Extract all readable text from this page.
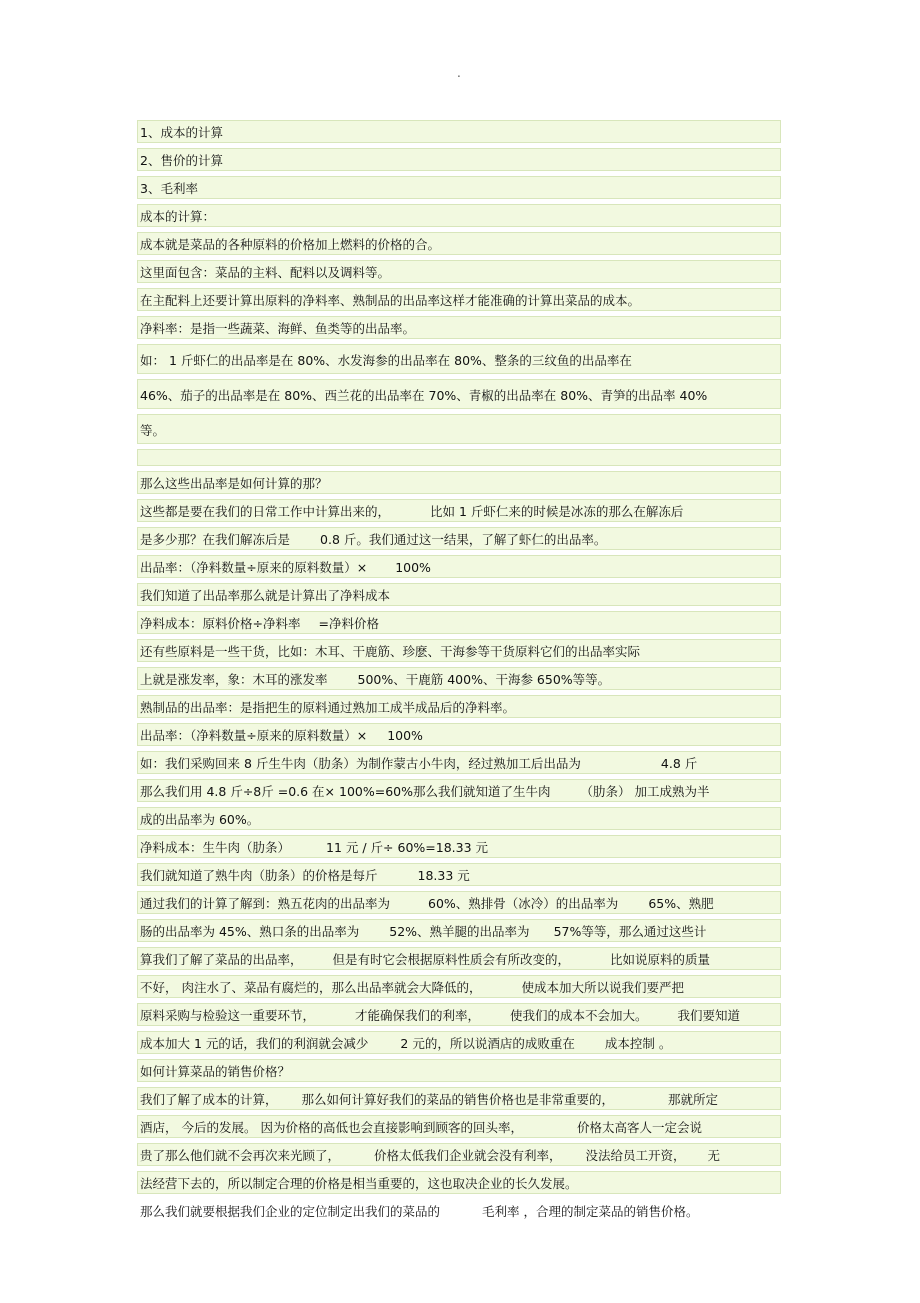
.
1、成本的计算
2、售价的计算
3、毛利率
成本的计算：
成本就是菜品的各种原料的价格加上燃料的价格的合。
这里面包含：菜品的主料、配料以及调料等。
在主配料上还要计算出原料的净料率、熟制品的出品率这样才能准确的计算出菜品的成本。
净料率：是指一些蔬菜、海鲜、鱼类等的出品率。
如： 1 斤虾仁的出品率是在 80%、水发海参的出品率在 80%、整条的三纹鱼的出品率在
46%、茄子的出品率是在 80%、西兰花的出品率在 70%、青椒的出品率在 80%、青笋的出品率 40%
等。
那么这些出品率是如何计算的那？
这些都是要在我们的日常工作中计算出来的，	比如 1 斤虾仁来的时候是冰冻的那么在解冻后
是多少那？在我们解冻后是 0.8 斤。我们通过这一结果，了解了虾仁的出品率。
出品率：（净料数量÷原来的原料数量）× 100%
我们知道了出品率那么就是计算出了净料成本
净料成本：原料价格÷净料率 =净料价格
还有些原料是一些干货，比如：木耳、干鹿筋、珍麽、干海参等干货原料它们的出品率实际
上就是涨发率，象：木耳的涨发率 500%、干鹿筋 400%、干海参 650%等等。
熟制品的出品率：是指把生的原料通过熟加工成半成品后的净料率。
出品率：（净料数量÷原来的原料数量）× 100%
如：我们采购回来 8 斤生牛肉（肋条）为制作蒙古小牛肉，经过熟加工后出品为	4.8 斤
那么我们用 4.8 斤÷8斤 =0.6 在× 100%=60%那么我们就知道了生牛肉 （肋条） 加工成熟为半
成的出品率为 60%。
净料成本：生牛肉（肋条）	11 元 / 斤÷ 60%=18.33 元
我们就知道了熟牛肉（肋条）的价格是每斤	18.33 元
通过我们的计算了解到：熟五花肉的出品率为	60%、熟排骨（冰冷）的出品率为 65%、熟肥
肠的出品率为 45%、熟口条的出品率为 52%、熟羊腿的出品率为 57%等等，那么通过这些计
算我们了解了菜品的出品率， 但是有时它会根据原料性质会有所改变的，	比如说原料的质量
不好， 肉注水了、菜品有腐烂的，那么出品率就会大降低的，	使成本加大所以说我们要严把
原料采购与检验这一重要环节，	才能确保我们的利率， 使我们的成本不会加大。 我们要知道
成本加大 1 元的话，我们的利润就会减少	2 元的，所以说酒店的成败重在 成本控制 。
如何计算菜品的销售价格？
我们了解了成本的计算， 那么如何计算好我们的菜品的销售价格也是非常重要的，	那就所定
酒店， 今后的发展。 因为价格的高低也会直接影响到顾客的回头率，	价格太高客人一定会说
贵了那么他们就不会再次来光顾了，	价格太低我们企业就会没有利率， 没法给员工开资， 无
法经营下去的，所以制定合理的价格是相当重要的，这也取决企业的长久发展。
那么我们就要根据我们企业的定位制定出我们的菜品的	毛利率 ，合理的制定菜品的销售价格。
